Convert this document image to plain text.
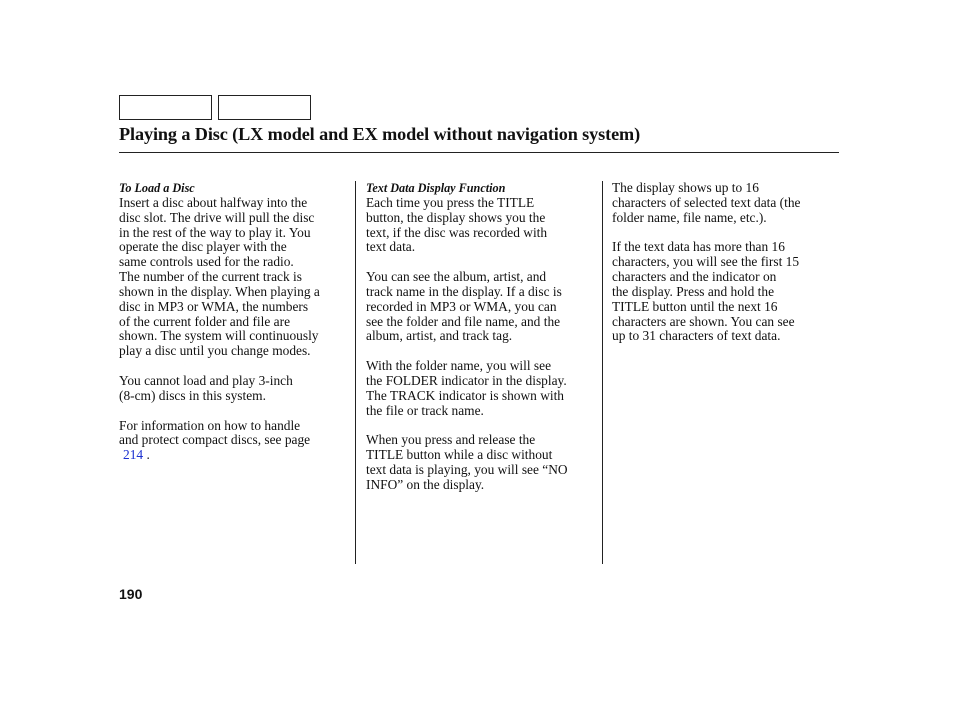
Playing a Disc (LX model and EX model without navigation system)
To Load a Disc
Insert a disc about halfway into the
disc slot. The drive will pull the disc
in the rest of the way to play it. You
operate the disc player with the
same controls used for the radio.
The number of the current track is
shown in the display. When playing a
disc in MP3 or WMA, the numbers
of the current folder and file are
shown. The system will continuously
play a disc until you change modes.
You cannot load and play 3-inch
(8-cm) discs in this system.
For information on how to handle
and protect compact discs, see page
214 .
Text Data Display Function
Each time you press the TITLE
button, the display shows you the
text, if the disc was recorded with
text data.
You can see the album, artist, and
track name in the display. If a disc is
recorded in MP3 or WMA, you can
see the folder and file name, and the
album, artist, and track tag.
With the folder name, you will see
the FOLDER indicator in the display.
The TRACK indicator is shown with
the file or track name.
When you press and release the
TITLE button while a disc without
text data is playing, you will see “NO
INFO” on the display.
The display shows up to 16
characters of selected text data (the
folder name, file name, etc.).
If the text data has more than 16
characters, you will see the first 15
characters and the indicator on
the display. Press and hold the
TITLE button until the next 16
characters are shown. You can see
up to 31 characters of text data.
190
